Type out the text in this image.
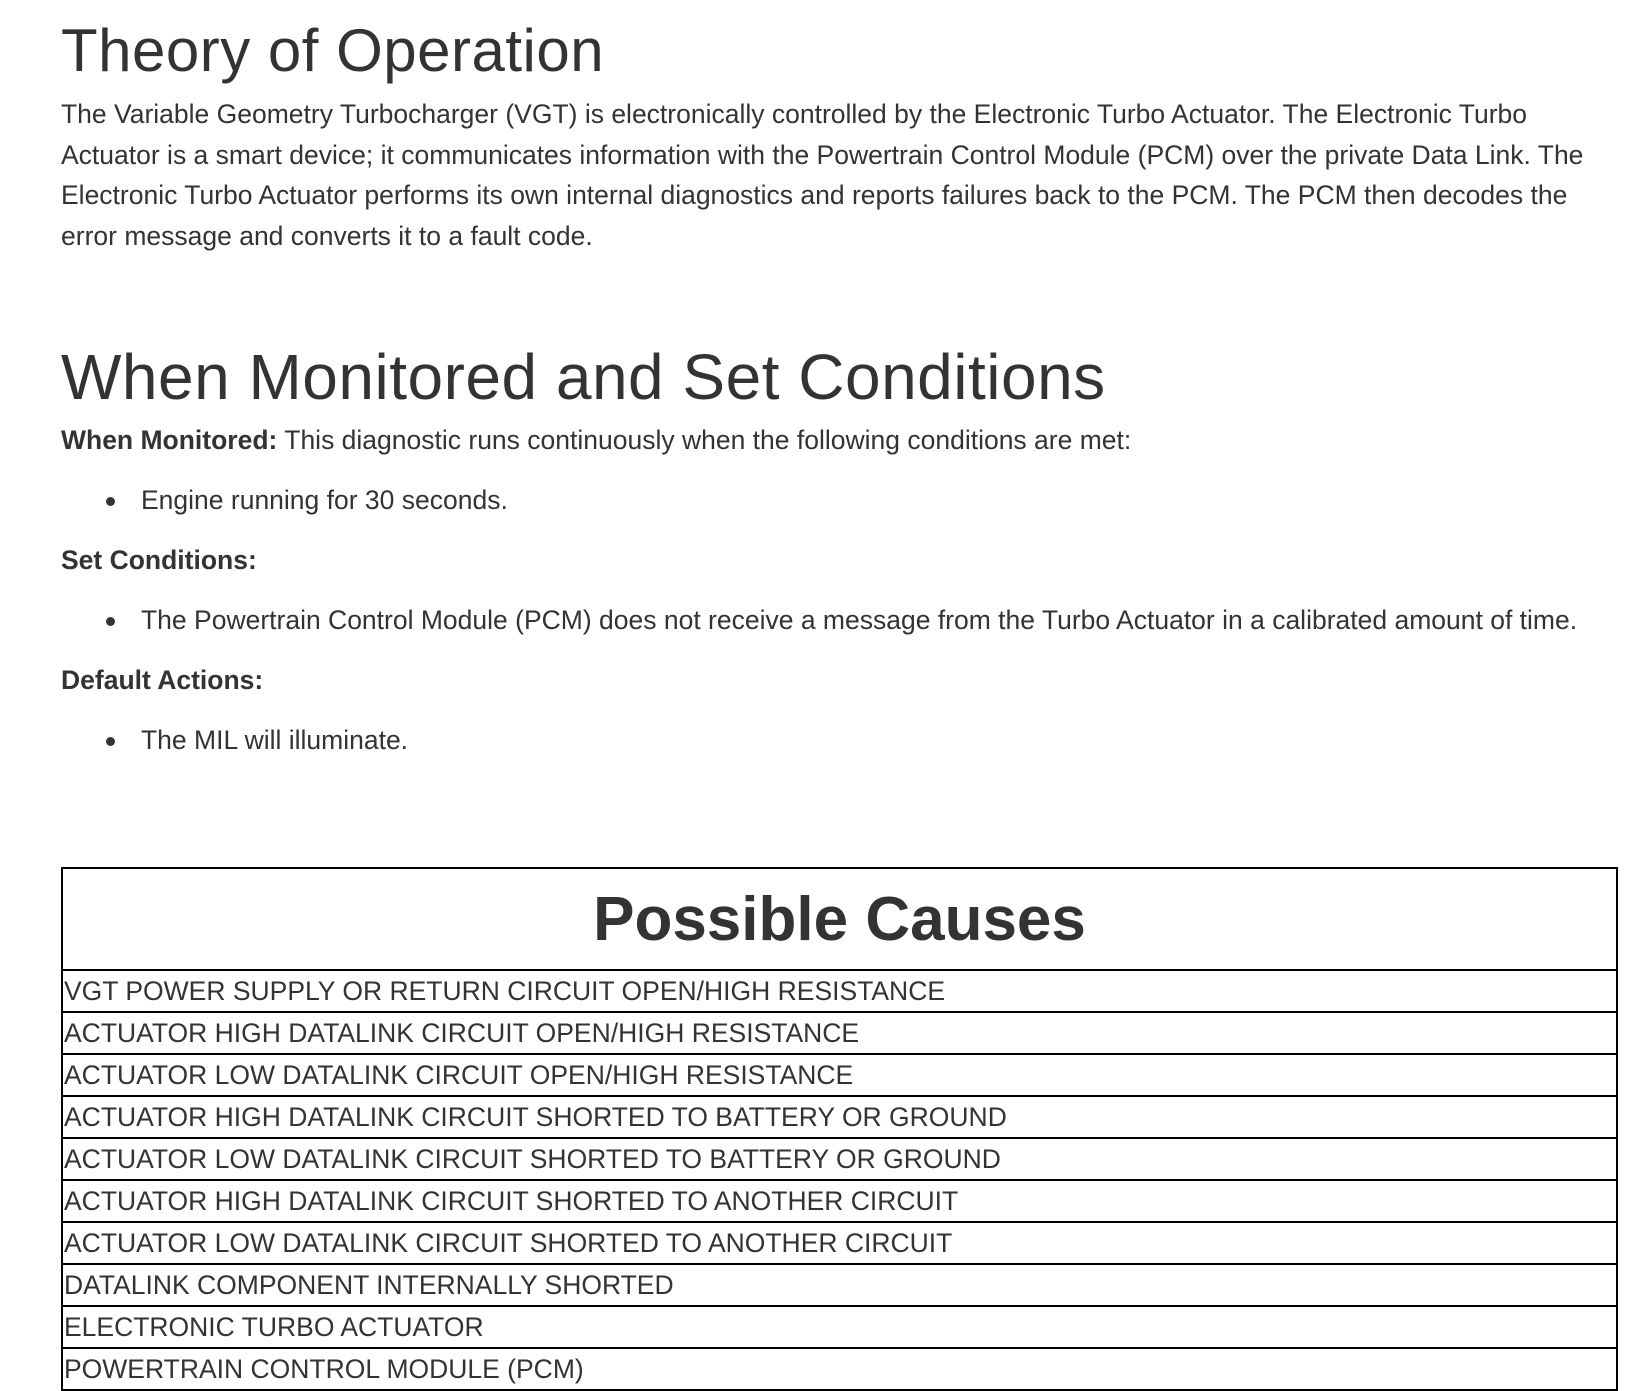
Theory of Operation

The Variable Geometry Turbocharger (VGT) is electronically controlled by the Electronic Turbo Actuator. The Electronic Turbo Actuator is a smart device; it communicates information with the Powertrain Control Module (PCM) over the private Data Link. The Electronic Turbo Actuator performs its own internal diagnostics and reports failures back to the PCM. The PCM then decodes the error message and converts it to a fault code.

When Monitored and Set Conditions

When Monitored: This diagnostic runs continuously when the following conditions are met:

Engine running for 30 seconds.

Set Conditions:

The Powertrain Control Module (PCM) does not receive a message from the Turbo Actuator in a calibrated amount of time.

Default Actions:

The MIL will illuminate.
Possible Causes
VGT POWER SUPPLY OR RETURN CIRCUIT OPEN/HIGH RESISTANCE
ACTUATOR HIGH DATALINK CIRCUIT OPEN/HIGH RESISTANCE
ACTUATOR LOW DATALINK CIRCUIT OPEN/HIGH RESISTANCE
ACTUATOR HIGH DATALINK CIRCUIT SHORTED TO BATTERY OR GROUND
ACTUATOR LOW DATALINK CIRCUIT SHORTED TO BATTERY OR GROUND
ACTUATOR HIGH DATALINK CIRCUIT SHORTED TO ANOTHER CIRCUIT
ACTUATOR LOW DATALINK CIRCUIT SHORTED TO ANOTHER CIRCUIT
DATALINK COMPONENT INTERNALLY SHORTED
ELECTRONIC TURBO ACTUATOR
POWERTRAIN CONTROL MODULE (PCM)
